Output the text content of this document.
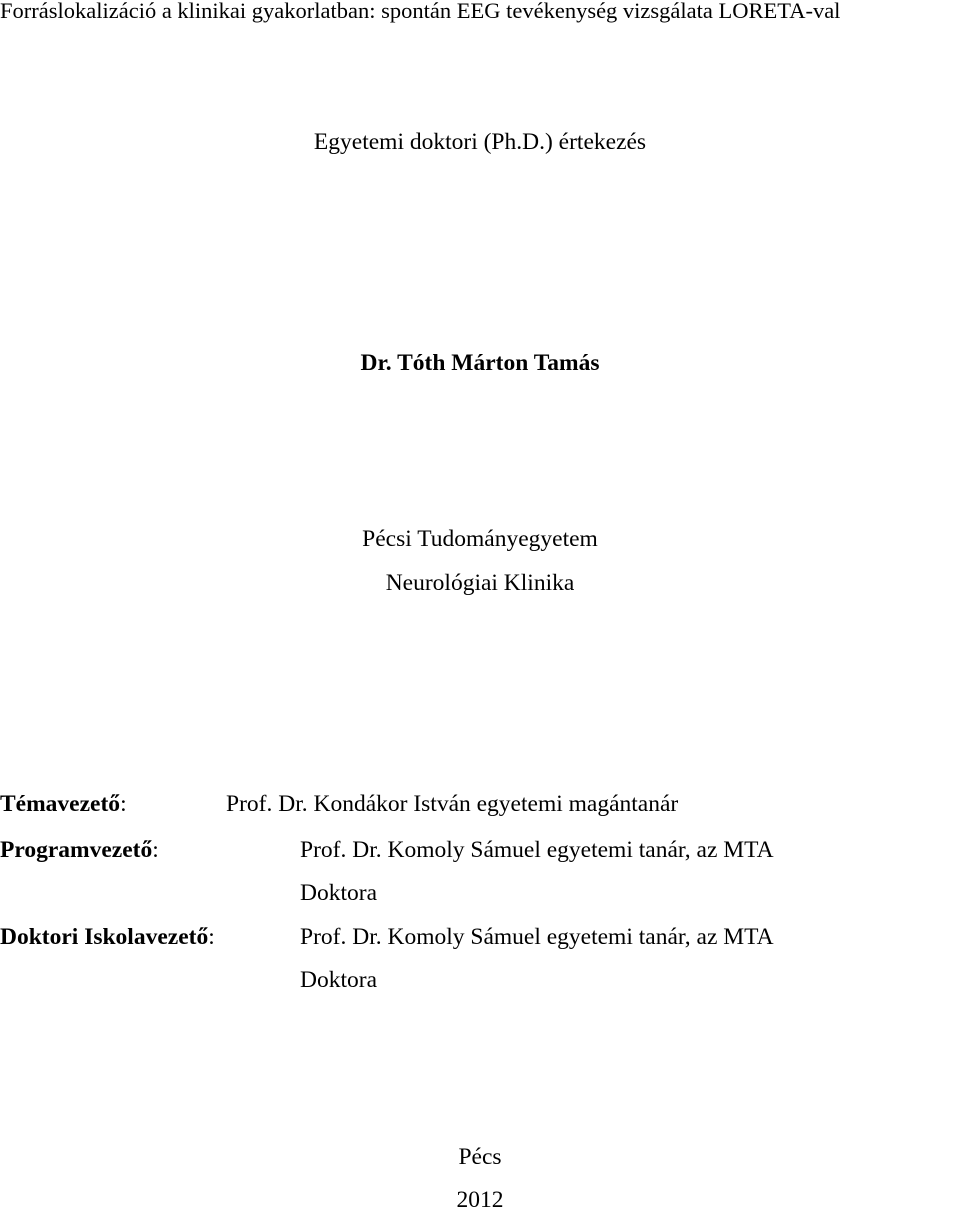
Forráslokalizáció a klinikai gyakorlatban: spontán EEG tevékenység vizsgálata LORETA-val
Egyetemi doktori (Ph.D.) értekezés
Dr. Tóth Márton Tamás
Pécsi Tudományegyetem
Neurológiai Klinika
Témavezető:	Prof. Dr. Kondákor István egyetemi magántanár
Programvezető:	Prof. Dr. Komoly Sámuel egyetemi tanár, az MTA
Doktora
Doktori Iskolavezető:	Prof. Dr. Komoly Sámuel egyetemi tanár, az MTA
Doktora
Pécs
2012
